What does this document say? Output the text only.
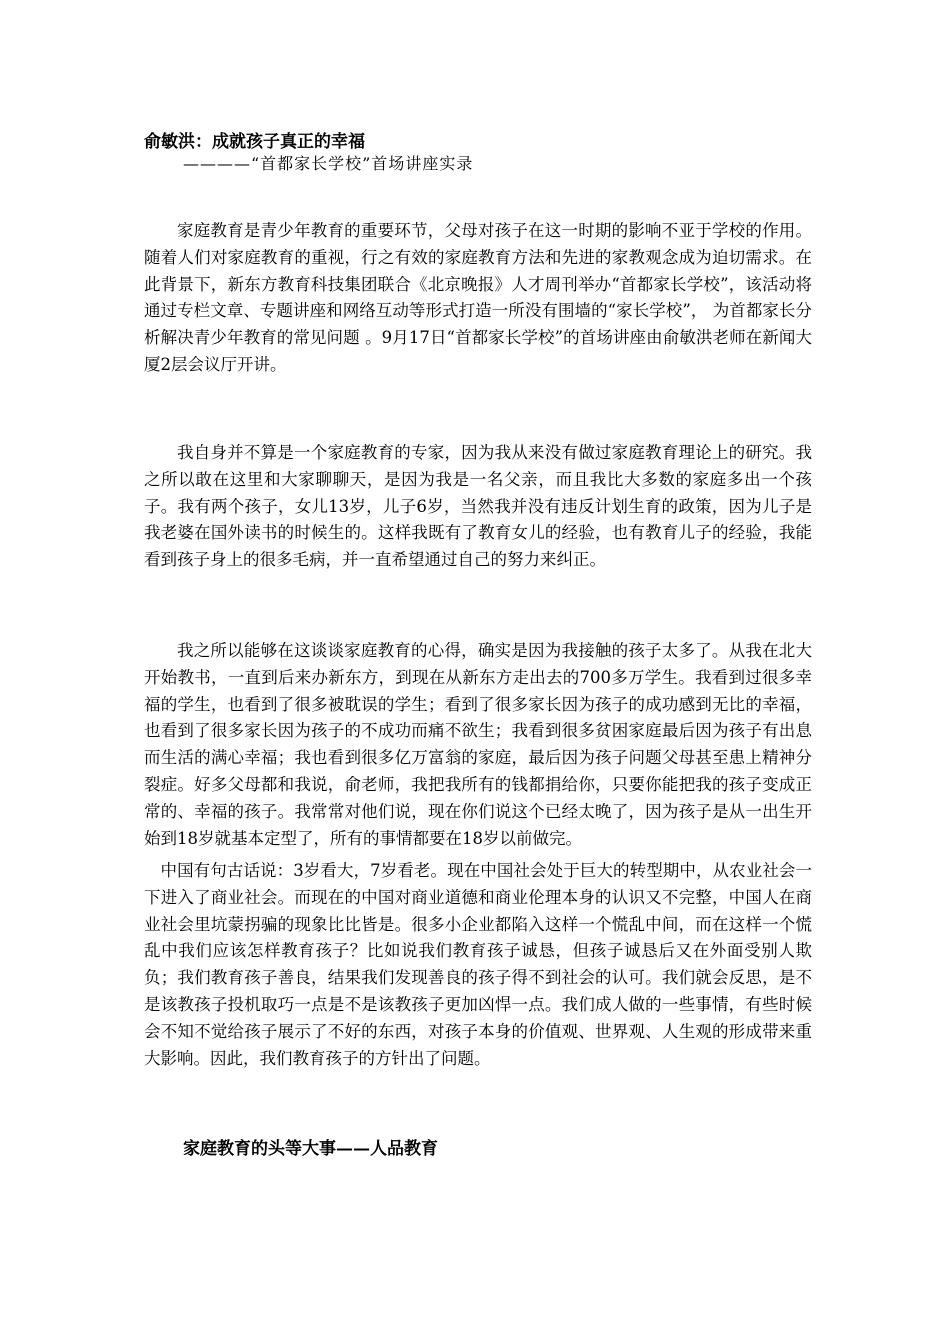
俞敏洪：成就孩子真正的幸福
————“首都家长学校”首场讲座实录

家庭教育是青少年教育的重要环节，父母对孩子在这一时期的影响不亚于学校的作用。随着人们对家庭教育的重视，行之有效的家庭教育方法和先进的家教观念成为迫切需求。在此背景下，新东方教育科技集团联合《北京晚报》人才周刊举办“首都家长学校”，该活动将通过专栏文章、专题讲座和网络互动等形式打造一所没有围墙的“家长学校”， 为首都家长分析解决青少年教育的常见问题 。9月17日“首都家长学校”的首场讲座由俞敏洪老师在新闻大厦2层会议厅开讲。

我自身并不算是一个家庭教育的专家，因为我从来没有做过家庭教育理论上的研究。我之所以敢在这里和大家聊聊天，是因为我是一名父亲，而且我比大多数的家庭多出一个孩子。我有两个孩子，女儿13岁，儿子6岁，当然我并没有违反计划生育的政策，因为儿子是我老婆在国外读书的时候生的。这样我既有了教育女儿的经验，也有教育儿子的经验，我能看到孩子身上的很多毛病，并一直希望通过自己的努力来纠正。

我之所以能够在这谈谈家庭教育的心得，确实是因为我接触的孩子太多了。从我在北大开始教书，一直到后来办新东方，到现在从新东方走出去的700多万学生。我看到过很多幸福的学生，也看到了很多被耽误的学生；看到了很多家长因为孩子的成功感到无比的幸福，也看到了很多家长因为孩子的不成功而痛不欲生；我看到很多贫困家庭最后因为孩子有出息而生活的满心幸福；我也看到很多亿万富翁的家庭，最后因为孩子问题父母甚至患上精神分裂症。好多父母都和我说，俞老师，我把我所有的钱都捐给你，只要你能把我的孩子变成正常的、幸福的孩子。我常常对他们说，现在你们说这个已经太晚了，因为孩子是从一出生开始到18岁就基本定型了，所有的事情都要在18岁以前做完。

中国有句古话说：3岁看大，7岁看老。现在中国社会处于巨大的转型期中，从农业社会一下进入了商业社会。而现在的中国对商业道德和商业伦理本身的认识又不完整，中国人在商业社会里坑蒙拐骗的现象比比皆是。很多小企业都陷入这样一个慌乱中间，而在这样一个慌乱中我们应该怎样教育孩子？比如说我们教育孩子诚恳，但孩子诚恳后又在外面受别人欺负；我们教育孩子善良，结果我们发现善良的孩子得不到社会的认可。我们就会反思，是不是该教孩子投机取巧一点是不是该教孩子更加凶悍一点。我们成人做的一些事情，有些时候会不知不觉给孩子展示了不好的东西，对孩子本身的价值观、世界观、人生观的形成带来重大影响。因此，我们教育孩子的方针出了问题。

家庭教育的头等大事——人品教育
